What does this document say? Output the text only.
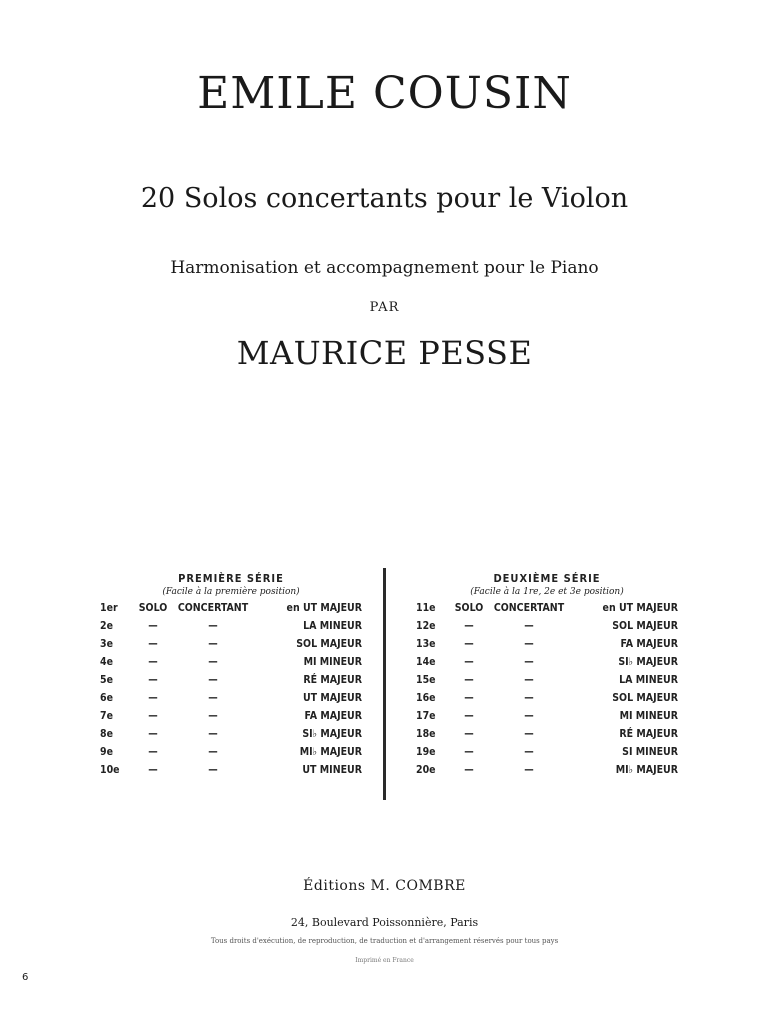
EMILE COUSIN
20 Solos concertants pour le Violon
Harmonisation et accompagnement pour le Piano
PAR
MAURICE PESSE
PREMIÈRE SÉRIE
(Facile à la première position)
1er	SOLO	CONCERTANT	en UT MAJEUR
2e	—	—	LA MINEUR
3e	—	—	SOL MAJEUR
4e	—	—	MI MINEUR
5e	—	—	RÉ MAJEUR
6e	—	—	UT MAJEUR
7e	—	—	FA MAJEUR
8e	—	—	SI♭ MAJEUR
9e	—	—	MI♭ MAJEUR
10e	—	—	UT MINEUR
DEUXIÈME SÉRIE
(Facile à la 1re, 2e et 3e position)
11e	SOLO	CONCERTANT	en UT MAJEUR
12e	—	—	SOL MAJEUR
13e	—	—	FA MAJEUR
14e	—	—	SI♭ MAJEUR
15e	—	—	LA MINEUR
16e	—	—	SOL MAJEUR
17e	—	—	MI MINEUR
18e	—	—	RÉ MAJEUR
19e	—	—	SI MINEUR
20e	—	—	MI♭ MAJEUR
Éditions M. COMBRE
24, Boulevard Poissonnière, Paris
Tous droits d'exécution, de reproduction, de traduction et d'arrangement réservés pour tous pays
Imprimé en France
6
